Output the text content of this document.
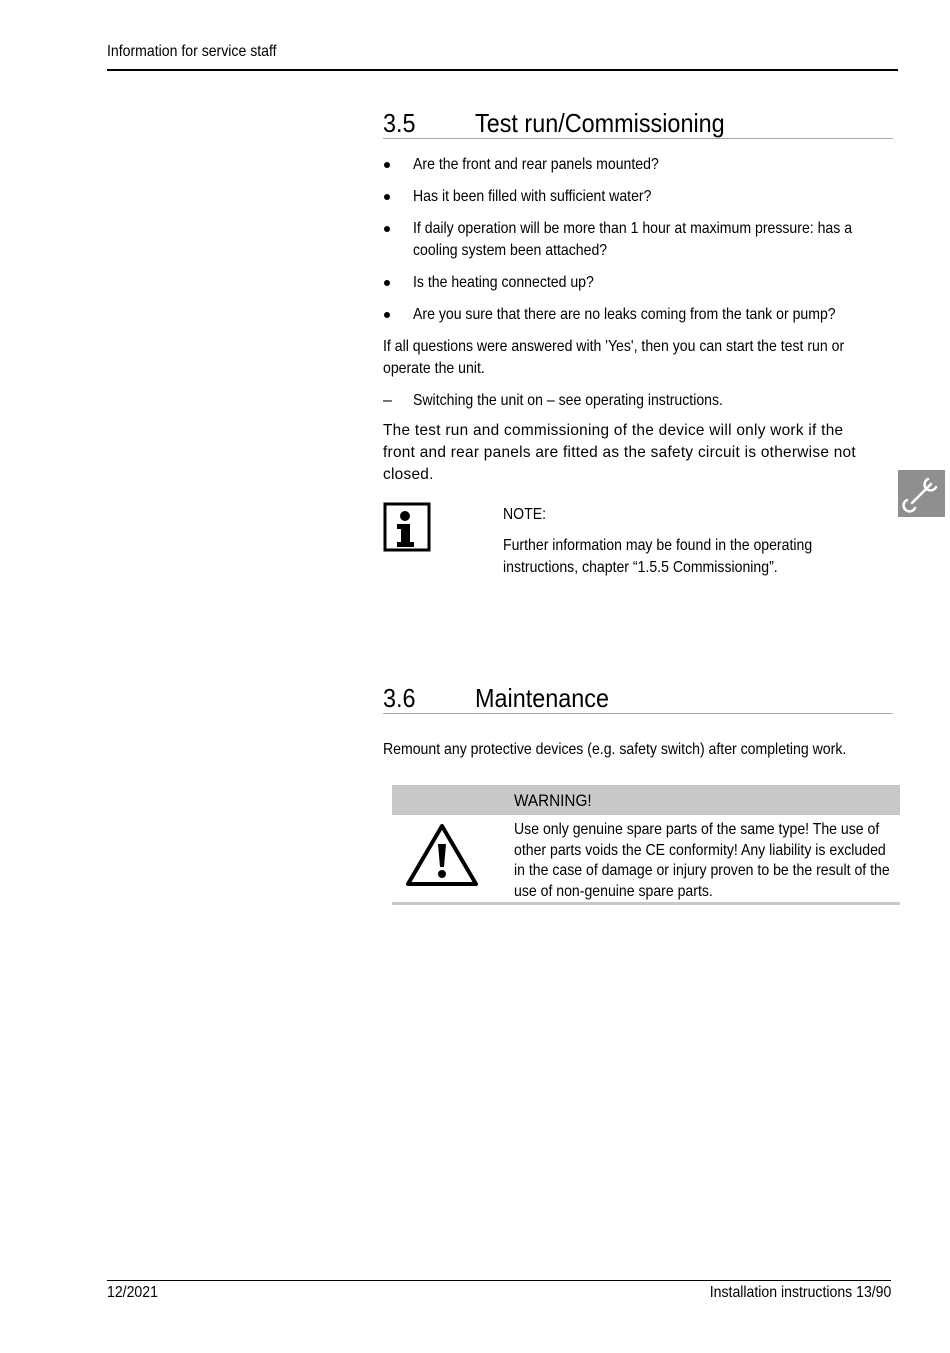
Information for service staff
3.5 Test run/Commissioning
Are the front and rear panels mounted?
Has it been filled with sufficient water?
If daily operation will be more than 1 hour at maximum pressure: has a cooling system been attached?
Is the heating connected up?
Are you sure that there are no leaks coming from the tank or pump?
If all questions were answered with 'Yes', then you can start the test run or operate the unit.
– Switching the unit on – see operating instructions.
The test run and commissioning of the device will only work if the front and rear panels are fitted as the safety circuit is otherwise not closed.
NOTE:
Further information may be found in the operating instructions, chapter “1.5.5 Commissioning”.
3.6 Maintenance
Remount any protective devices (e.g. safety switch) after completing work.
WARNING!
Use only genuine spare parts of the same type! The use of other parts voids the CE conformity! Any liability is excluded in the case of damage or injury proven to be the result of the use of non-genuine spare parts.
12/2021	Installation instructions 13/90
